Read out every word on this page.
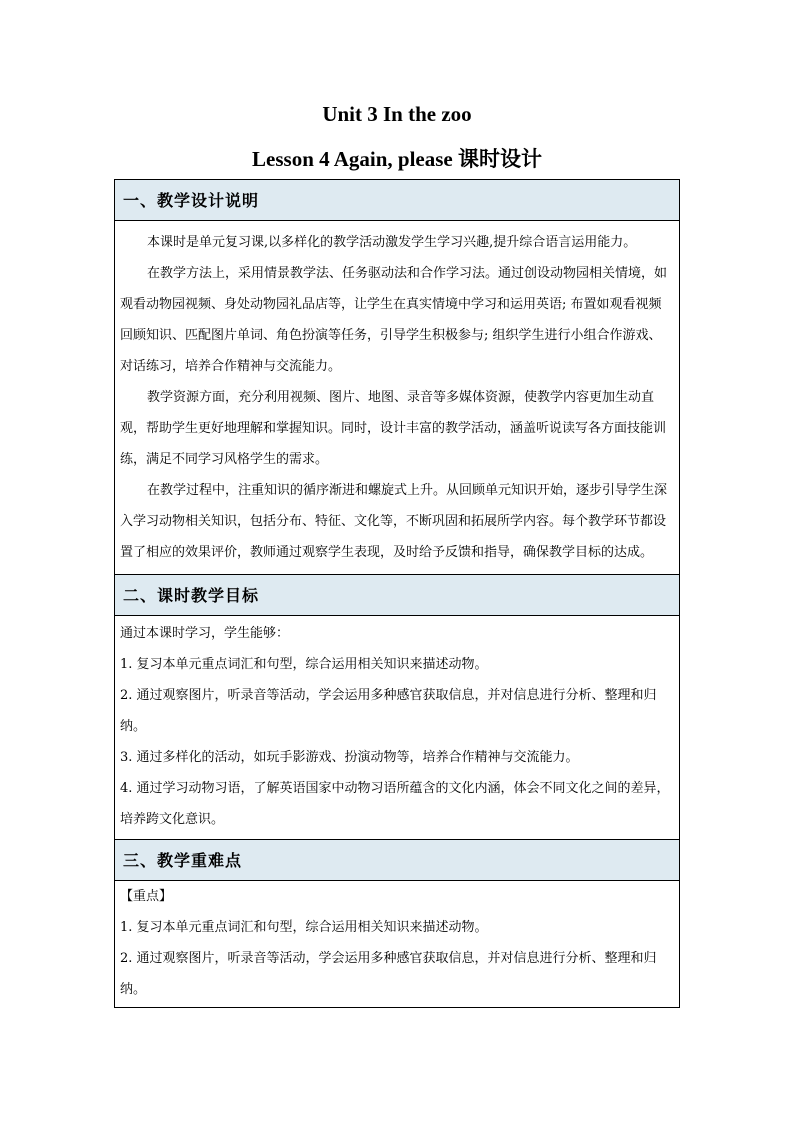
Unit 3 In the zoo
Lesson 4 Again, please 课时设计
一、教学设计说明

本课时是单元复习课,以多样化的教学活动激发学生学习兴趣,提升综合语言运用能力。

在教学方法上，采用情景教学法、任务驱动法和合作学习法。通过创设动物园相关情境，如观看动物园视频、身处动物园礼品店等，让学生在真实情境中学习和运用英语; 布置如观看视频回顾知识、匹配图片单词、角色扮演等任务，引导学生积极参与; 组织学生进行小组合作游戏、对话练习，培养合作精神与交流能力。

教学资源方面，充分利用视频、图片、地图、录音等多媒体资源，使教学内容更加生动直观，帮助学生更好地理解和掌握知识。同时，设计丰富的教学活动，涵盖听说读写各方面技能训练，满足不同学习风格学生的需求。

在教学过程中，注重知识的循序渐进和螺旋式上升。从回顾单元知识开始，逐步引导学生深入学习动物相关知识，包括分布、特征、文化等，不断巩固和拓展所学内容。每个教学环节都设置了相应的效果评价，教师通过观察学生表现，及时给予反馈和指导，确保教学目标的达成。

二、课时教学目标

通过本课时学习，学生能够：

1. 复习本单元重点词汇和句型，综合运用相关知识来描述动物。

2. 通过观察图片，听录音等活动，学会运用多种感官获取信息，并对信息进行分析、整理和归纳。

3. 通过多样化的活动，如玩手影游戏、扮演动物等，培养合作精神与交流能力。

4. 通过学习动物习语，了解英语国家中动物习语所蕴含的文化内涵，体会不同文化之间的差异，培养跨文化意识。

三、教学重难点

【重点】

1. 复习本单元重点词汇和句型，综合运用相关知识来描述动物。

2. 通过观察图片，听录音等活动，学会运用多种感官获取信息，并对信息进行分析、整理和归纳。
